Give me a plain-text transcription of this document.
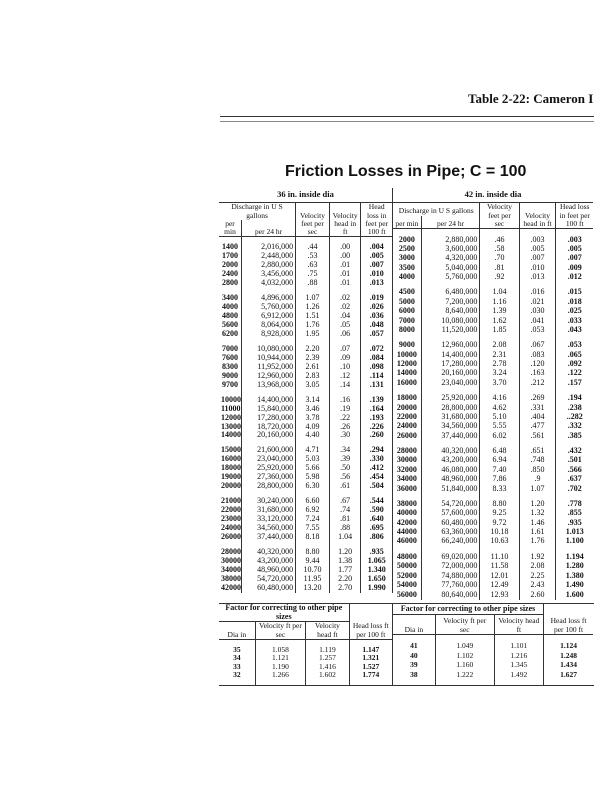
Table 2-22: Cameron I
Friction Losses in Pipe; C = 100
36 in. inside dia				
Discharge in U S gallons		Velocity feet per sec	Velocity head in ft	Head loss in feet per 100 ft
per min	per 24 hr			

1400	2,016,000	.44	.00	.004
1700	2,448,000	.53	.00	.005
2000	2,880,000	.63	.01	.007
2400	3,456,000	.75	.01	.010
2800	4,032,000	.88	.01	.013

3400	4,896,000	1.07	.02	.019
4000	5,760,000	1.26	.02	.026
4800	6,912,000	1.51	.04	.036
5600	8,064,000	1.76	.05	.048
6200	8,928,000	1.95	.06	.057

7000	10,080,000	2.20	.07	.072
7600	10,944,000	2.39	.09	.084
8300	11,952,000	2.61	.10	.098
9000	12,960,000	2.83	.12	.114
9700	13,968,000	3.05	.14	.131

10000	14,400,000	3.14	.16	.139
11000	15,840,000	3.46	.19	.164
12000	17,280,000	3.78	.22	.193
13000	18,720,000	4.09	.26	.226
14000	20,160,000	4.40	.30	.260

15000	21,600,000	4.71	.34	.294
16000	23,040,000	5.03	.39	.330
18000	25,920,000	5.66	.50	.412
19000	27,360,000	5.98	.56	.454
20000	28,800,000	6.30	.61	.504

21000	30,240,000	6.60	.67	.544
22000	31,680,000	6.92	.74	.590
23000	33,120,000	7.24	.81	.640
24000	34,560,000	7.55	.88	.695
26000	37,440,000	8.18	1.04	.806

28000	40,320,000	8.80	1.20	.935
30000	43,200,000	9.44	1.38	1.065
34000	48,960,000	10.70	1.77	1.340
38000	54,720,000	11.95	2.20	1.650
42000	60,480,000	13.20	2.70	1.990
42 in. inside dia				
Discharge in U S gallons		Velocity feet per sec	Velocity head in ft	Head loss in feet per 100 ft
per min	per 24 hr			

2000	2,880,000	.46	.003	.003
2500	3,600,000	.58	.005	.005
3000	4,320,000	.70	.007	.007
3500	5,040,000	.81	.010	.009
4000	5,760,000	.92	.013	.012

4500	6,480,000	1.04	.016	.015
5000	7,200,000	1.16	.021	.018
6000	8,640,000	1.39	.030	.025
7000	10,080,000	1.62	.041	.033
8000	11,520,000	1.85	.053	.043

9000	12,960,000	2.08	.067	.053
10000	14,400,000	2.31	.083	.065
12000	17,280,000	2.78	.120	.092
14000	20,160,000	3.24	.163	.122
16000	23,040,000	3.70	.212	.157

18000	25,920,000	4.16	.269	.194
20000	28,800,000	4.62	.331	.238
22000	31,680,000	5.10	.404	..282
24000	34,560,000	5.55	.477	.332
26000	37,440,000	6.02	.561	.385

28000	40,320,000	6.48	.651	.432
30000	43,200,000	6.94	.748	.501
32000	46,080,000	7.40	.850	.566
34000	48,960,000	7.86	.9	.637
36000	51,840,000	8.33	1.07	.702

38000	54,720,000	8.80	1.20	.778
40000	57,600,000	9.25	1.32	.855
42000	60,480,000	9.72	1.46	.935
44000	63,360,000	10.18	1.61	1.013
46000	66,240,000	10.63	1.76	1.100

48000	69,020,000	11.10	1.92	1.194
50000	72,000,000	11.58	2.08	1.280
52000	74,880,000	12.01	2.25	1.380
54000	77,760,000	12.49	2.43	1.490
56000	80,640,000	12.93	2.60	1.600
Factor for correcting to other pipe sizes			Head loss ft per 100 ft
Dia in	Velocity ft per sec	Velocity head ft	

35	1.058	1.119	1.147
34	1.121	1.257	1.321
33	1.190	1.416	1.527
32	1.266	1.602	1.774

Factor for correcting to other pipe sizes			Head loss ft per 100 ft
Dia in	Velocity ft per sec	Velocity head ft	

41	1.049	1.101	1.124
40	1.102	1.216	1.248
39	1.160	1.345	1.434
38	1.222	1.492	1.627
